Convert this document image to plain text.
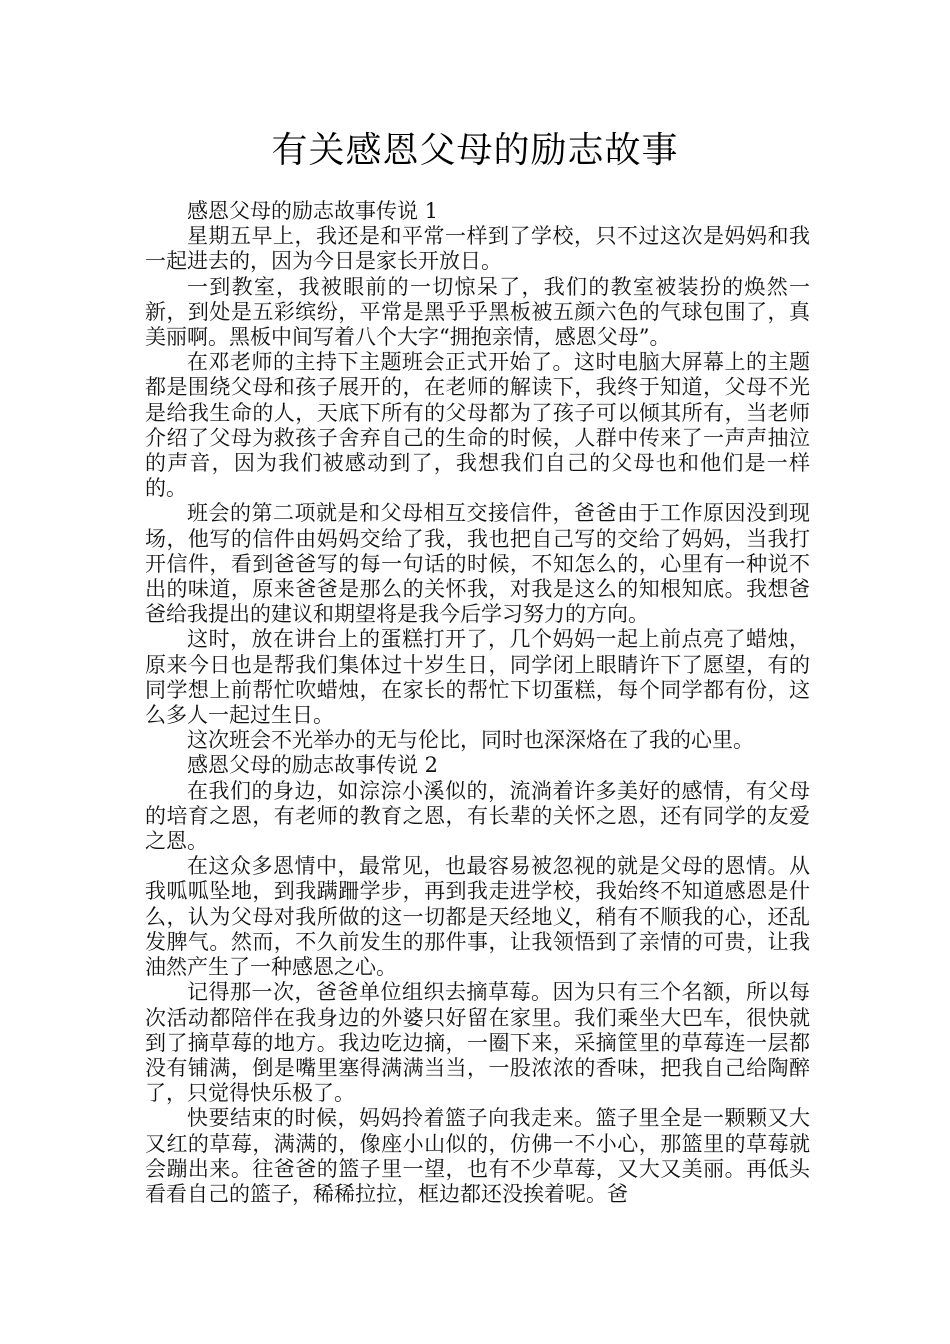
有关感恩父母的励志故事

感恩父母的励志故事传说 1

星期五早上，我还是和平常一样到了学校，只不过这次是妈妈和我一起进去的，因为今日是家长开放日。

一到教室，我被眼前的一切惊呆了，我们的教室被装扮的焕然一新，到处是五彩缤纷，平常是黑乎乎黑板被五颜六色的气球包围了，真美丽啊。黑板中间写着八个大字“拥抱亲情，感恩父母”。

在邓老师的主持下主题班会正式开始了。这时电脑大屏幕上的主题都是围绕父母和孩子展开的，在老师的解读下，我终于知道，父母不光是给我生命的人，天底下所有的父母都为了孩子可以倾其所有，当老师介绍了父母为救孩子舍弃自己的生命的时候，人群中传来了一声声抽泣的声音，因为我们被感动到了，我想我们自己的父母也和他们是一样的。

班会的第二项就是和父母相互交接信件，爸爸由于工作原因没到现场，他写的信件由妈妈交给了我，我也把自己写的交给了妈妈，当我打开信件，看到爸爸写的每一句话的时候，不知怎么的，心里有一种说不出的味道，原来爸爸是那么的关怀我，对我是这么的知根知底。我想爸爸给我提出的建议和期望将是我今后学习努力的方向。

这时，放在讲台上的蛋糕打开了，几个妈妈一起上前点亮了蜡烛，原来今日也是帮我们集体过十岁生日，同学闭上眼睛许下了愿望，有的同学想上前帮忙吹蜡烛，在家长的帮忙下切蛋糕，每个同学都有份，这么多人一起过生日。

这次班会不光举办的无与伦比，同时也深深烙在了我的心里。

感恩父母的励志故事传说 2

在我们的身边，如淙淙小溪似的，流淌着许多美好的感情，有父母的培育之恩，有老师的教育之恩，有长辈的关怀之恩，还有同学的友爱之恩。

在这众多恩情中，最常见，也最容易被忽视的就是父母的恩情。从我呱呱坠地，到我蹒跚学步，再到我走进学校，我始终不知道感恩是什么，认为父母对我所做的这一切都是天经地义，稍有不顺我的心，还乱发脾气。然而，不久前发生的那件事，让我领悟到了亲情的可贵，让我油然产生了一种感恩之心。

记得那一次，爸爸单位组织去摘草莓。因为只有三个名额，所以每次活动都陪伴在我身边的外婆只好留在家里。我们乘坐大巴车，很快就到了摘草莓的地方。我边吃边摘，一圈下来，采摘筐里的草莓连一层都没有铺满，倒是嘴里塞得满满当当，一股浓浓的香味，把我自己给陶醉了，只觉得快乐极了。

快要结束的时候，妈妈拎着篮子向我走来。篮子里全是一颗颗又大又红的草莓，满满的，像座小山似的，仿佛一不小心，那篮里的草莓就会蹦出来。往爸爸的篮子里一望，也有不少草莓，又大又美丽。再低头看看自己的篮子，稀稀拉拉，框边都还没挨着呢。爸
